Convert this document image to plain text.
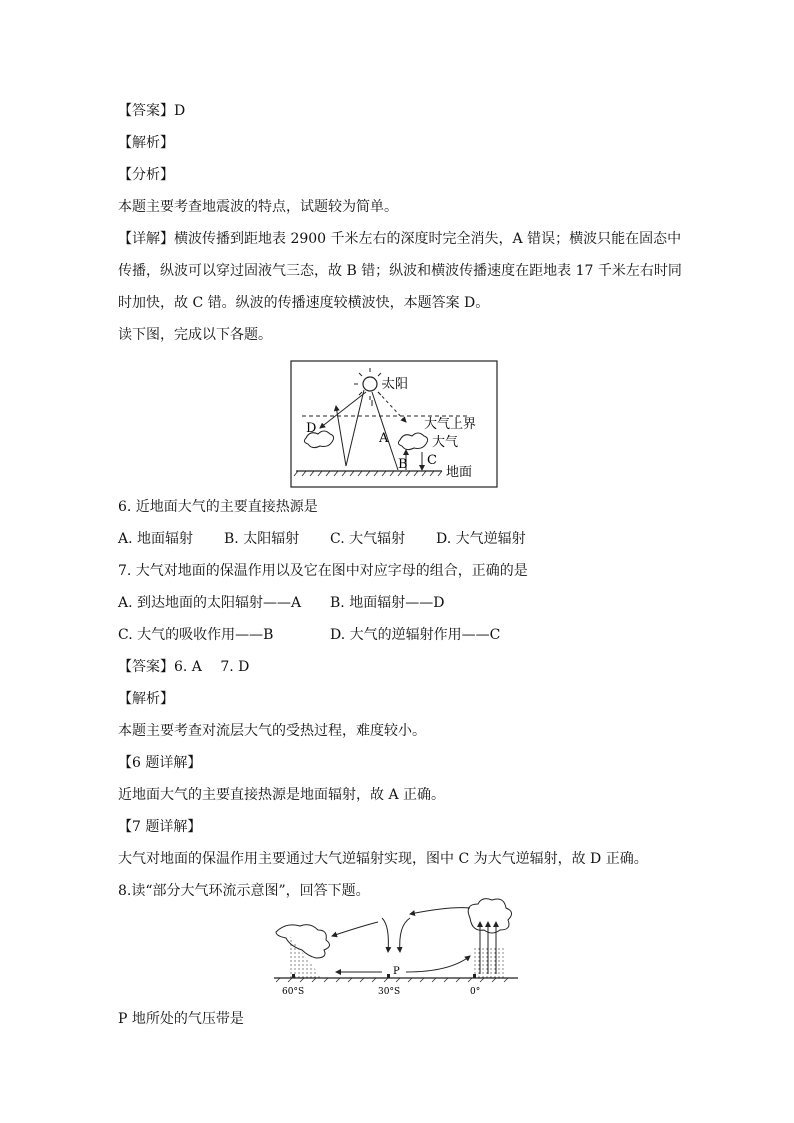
【答案】D
【解析】
【分析】
本题主要考查地震波的特点，试题较为简单。
【详解】横波传播到距地表 2900 千米左右的深度时完全消失，A 错误；横波只能在固态中
传播，纵波可以穿过固液气三态，故 B 错；纵波和横波传播速度在距地表 17 千米左右时同
时加快，故 C 错。纵波的传播速度较横波快，本题答案 D。
读下图，完成以下各题。
太阳
大气上界
D
A	大气
B C
地面
6. 近地面大气的主要直接热源是
A. 地面辐射 B. 太阳辐射 C. 大气辐射 D. 大气逆辐射
7. 大气对地面的保温作用以及它在图中对应字母的组合，正确的是
A. 到达地面的太阳辐射——A B. 地面辐射——D
C. 大气的吸收作用——B	D. 大气的逆辐射作用——C
【答案】6. A　 7. D
【解析】
本题主要考查对流层大气的受热过程，难度较小。
【6 题详解】
近地面大气的主要直接热源是地面辐射，故 A 正确。
【7 题详解】
大气对地面的保温作用主要通过大气逆辐射实现，图中 C 为大气逆辐射，故 D 正确。
8.读“部分大气环流示意图”，回答下题。
P
60°S	30°S	0°
P 地所处的气压带是
